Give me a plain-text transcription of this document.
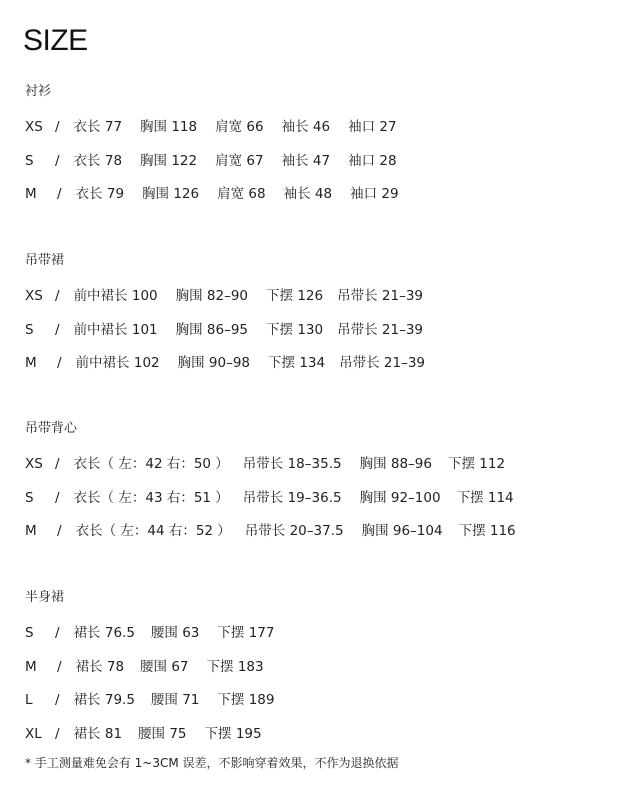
SIZE
衬衫
XS / 衣长 77 胸围 118 肩宽 66 袖长 46 袖口 27
S	/ 衣长 78 胸围 122 肩宽 67 袖长 47 袖口 28
M	/ 衣长 79 胸围 126 肩宽 68 袖长 48 袖口 29
吊带裙
XS / 前中裙长 100 胸围 82–90 下摆 126 吊带长 21–39
S	/ 前中裙长 101 胸围 86–95 下摆 130 吊带长 21–39
M	/ 前中裙长 102 胸围 90–98 下摆 134 吊带长 21–39
吊带背心
XS / 衣长（ 左：42 右：50 ） 吊带长 18–35.5 胸围 88–96 下摆 112
S	/ 衣长（ 左：43 右：51 ） 吊带长 19–36.5 胸围 92–100 下摆 114
M	/ 衣长（ 左：44 右：52 ） 吊带长 20–37.5 胸围 96–104 下摆 116
半身裙
S	/ 裙长 76.5 腰围 63 下摆 177
M	/ 裙长 78 腰围 67 下摆 183
L	/ 裙长 79.5 腰围 71 下摆 189
XL / 裙长 81 腰围 75 下摆 195
* 手工测量难免会有 1~3CM 误差，不影响穿着效果，不作为退换依据
